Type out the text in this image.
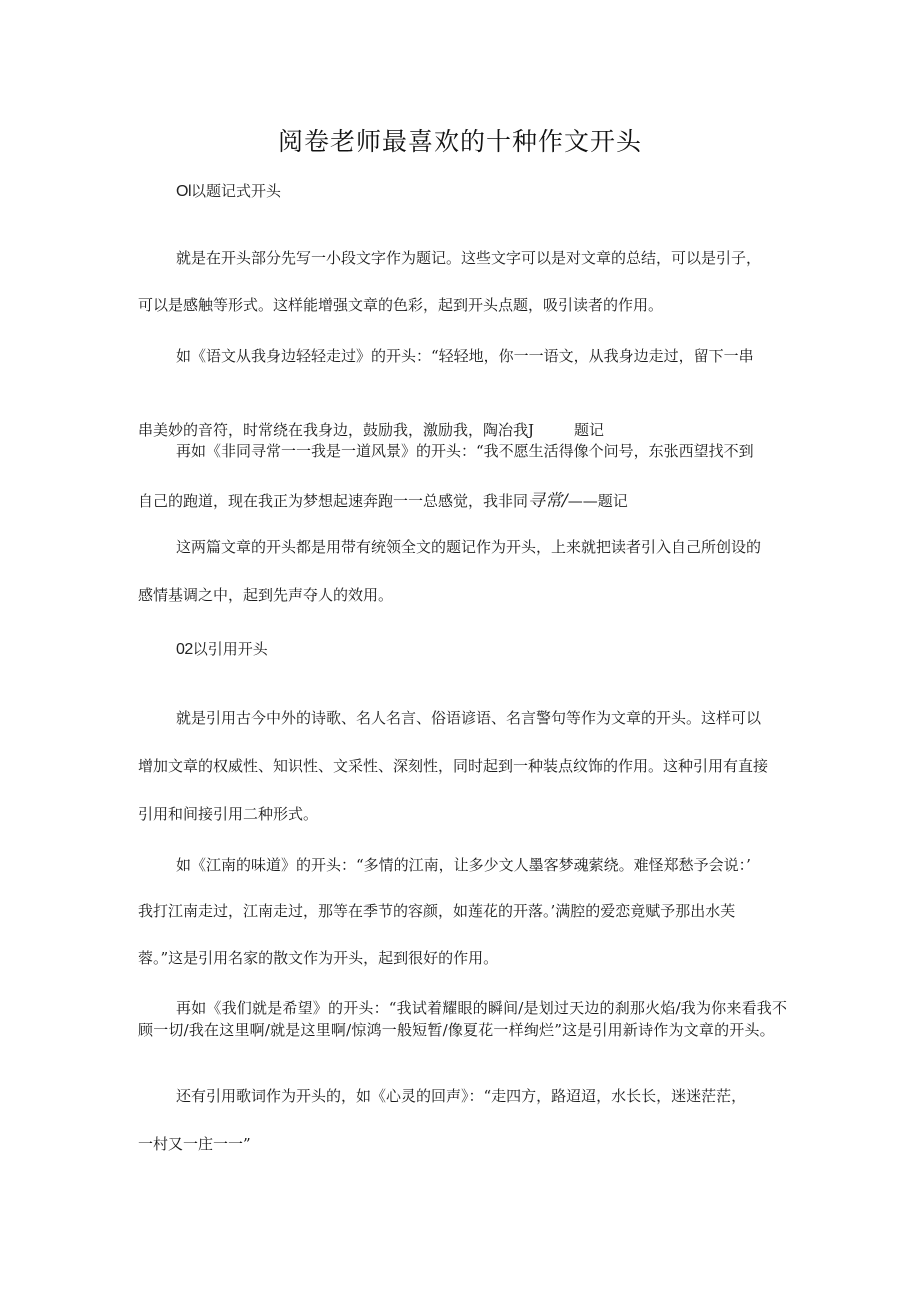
阅卷老师最喜欢的十种作文开头
Ol以题记式开头
就是在开头部分先写一小段文字作为题记。这些文字可以是对文章的总结，可以是引子，
可以是感触等形式。这样能增强文章的色彩，起到开头点题，吸引读者的作用。
如《语文从我身边轻轻走过》的开头：“轻轻地，你一一语文，从我身边走过，留下一串
串美妙的音符，时常绕在我身边，鼓励我，激励我，陶冶我J	题记
再如《非同寻常一一我是一道风景》的开头：“我不愿生活得像个问号，东张西望找不到
自己的跑道，现在我正为梦想起速奔跑一一总感觉，我非同寻常/——题记
这两篇文章的开头都是用带有统领全文的题记作为开头，上来就把读者引入自己所创设的
感情基调之中，起到先声夺人的效用。
02以引用开头
就是引用古今中外的诗歌、名人名言、俗语谚语、名言警句等作为文章的开头。这样可以
增加文章的权威性、知识性、文采性、深刻性，同时起到一种装点纹饰的作用。这种引用有直接
引用和间接引用二种形式。
如《江南的味道》的开头：“多情的江南，让多少文人墨客梦魂萦绕。难怪郑愁予会说：’
我打江南走过，江南走过，那等在季节的容颜，如莲花的开落。’满腔的爱恋竟赋予那出水芙
蓉。”这是引用名家的散文作为开头，起到很好的作用。
再如《我们就是希望》的开头：“我试着耀眼的瞬间/是划过天边的刹那火焰/我为你来看我不顾一切/我在这里啊/就是这里啊/惊鸿一般短暂/像夏花一样绚烂”这是引用新诗作为文章的开头。
还有引用歌词作为开头的，如《心灵的回声》：“走四方，路迢迢，水长长，迷迷茫茫，
一村又一庄一一”
